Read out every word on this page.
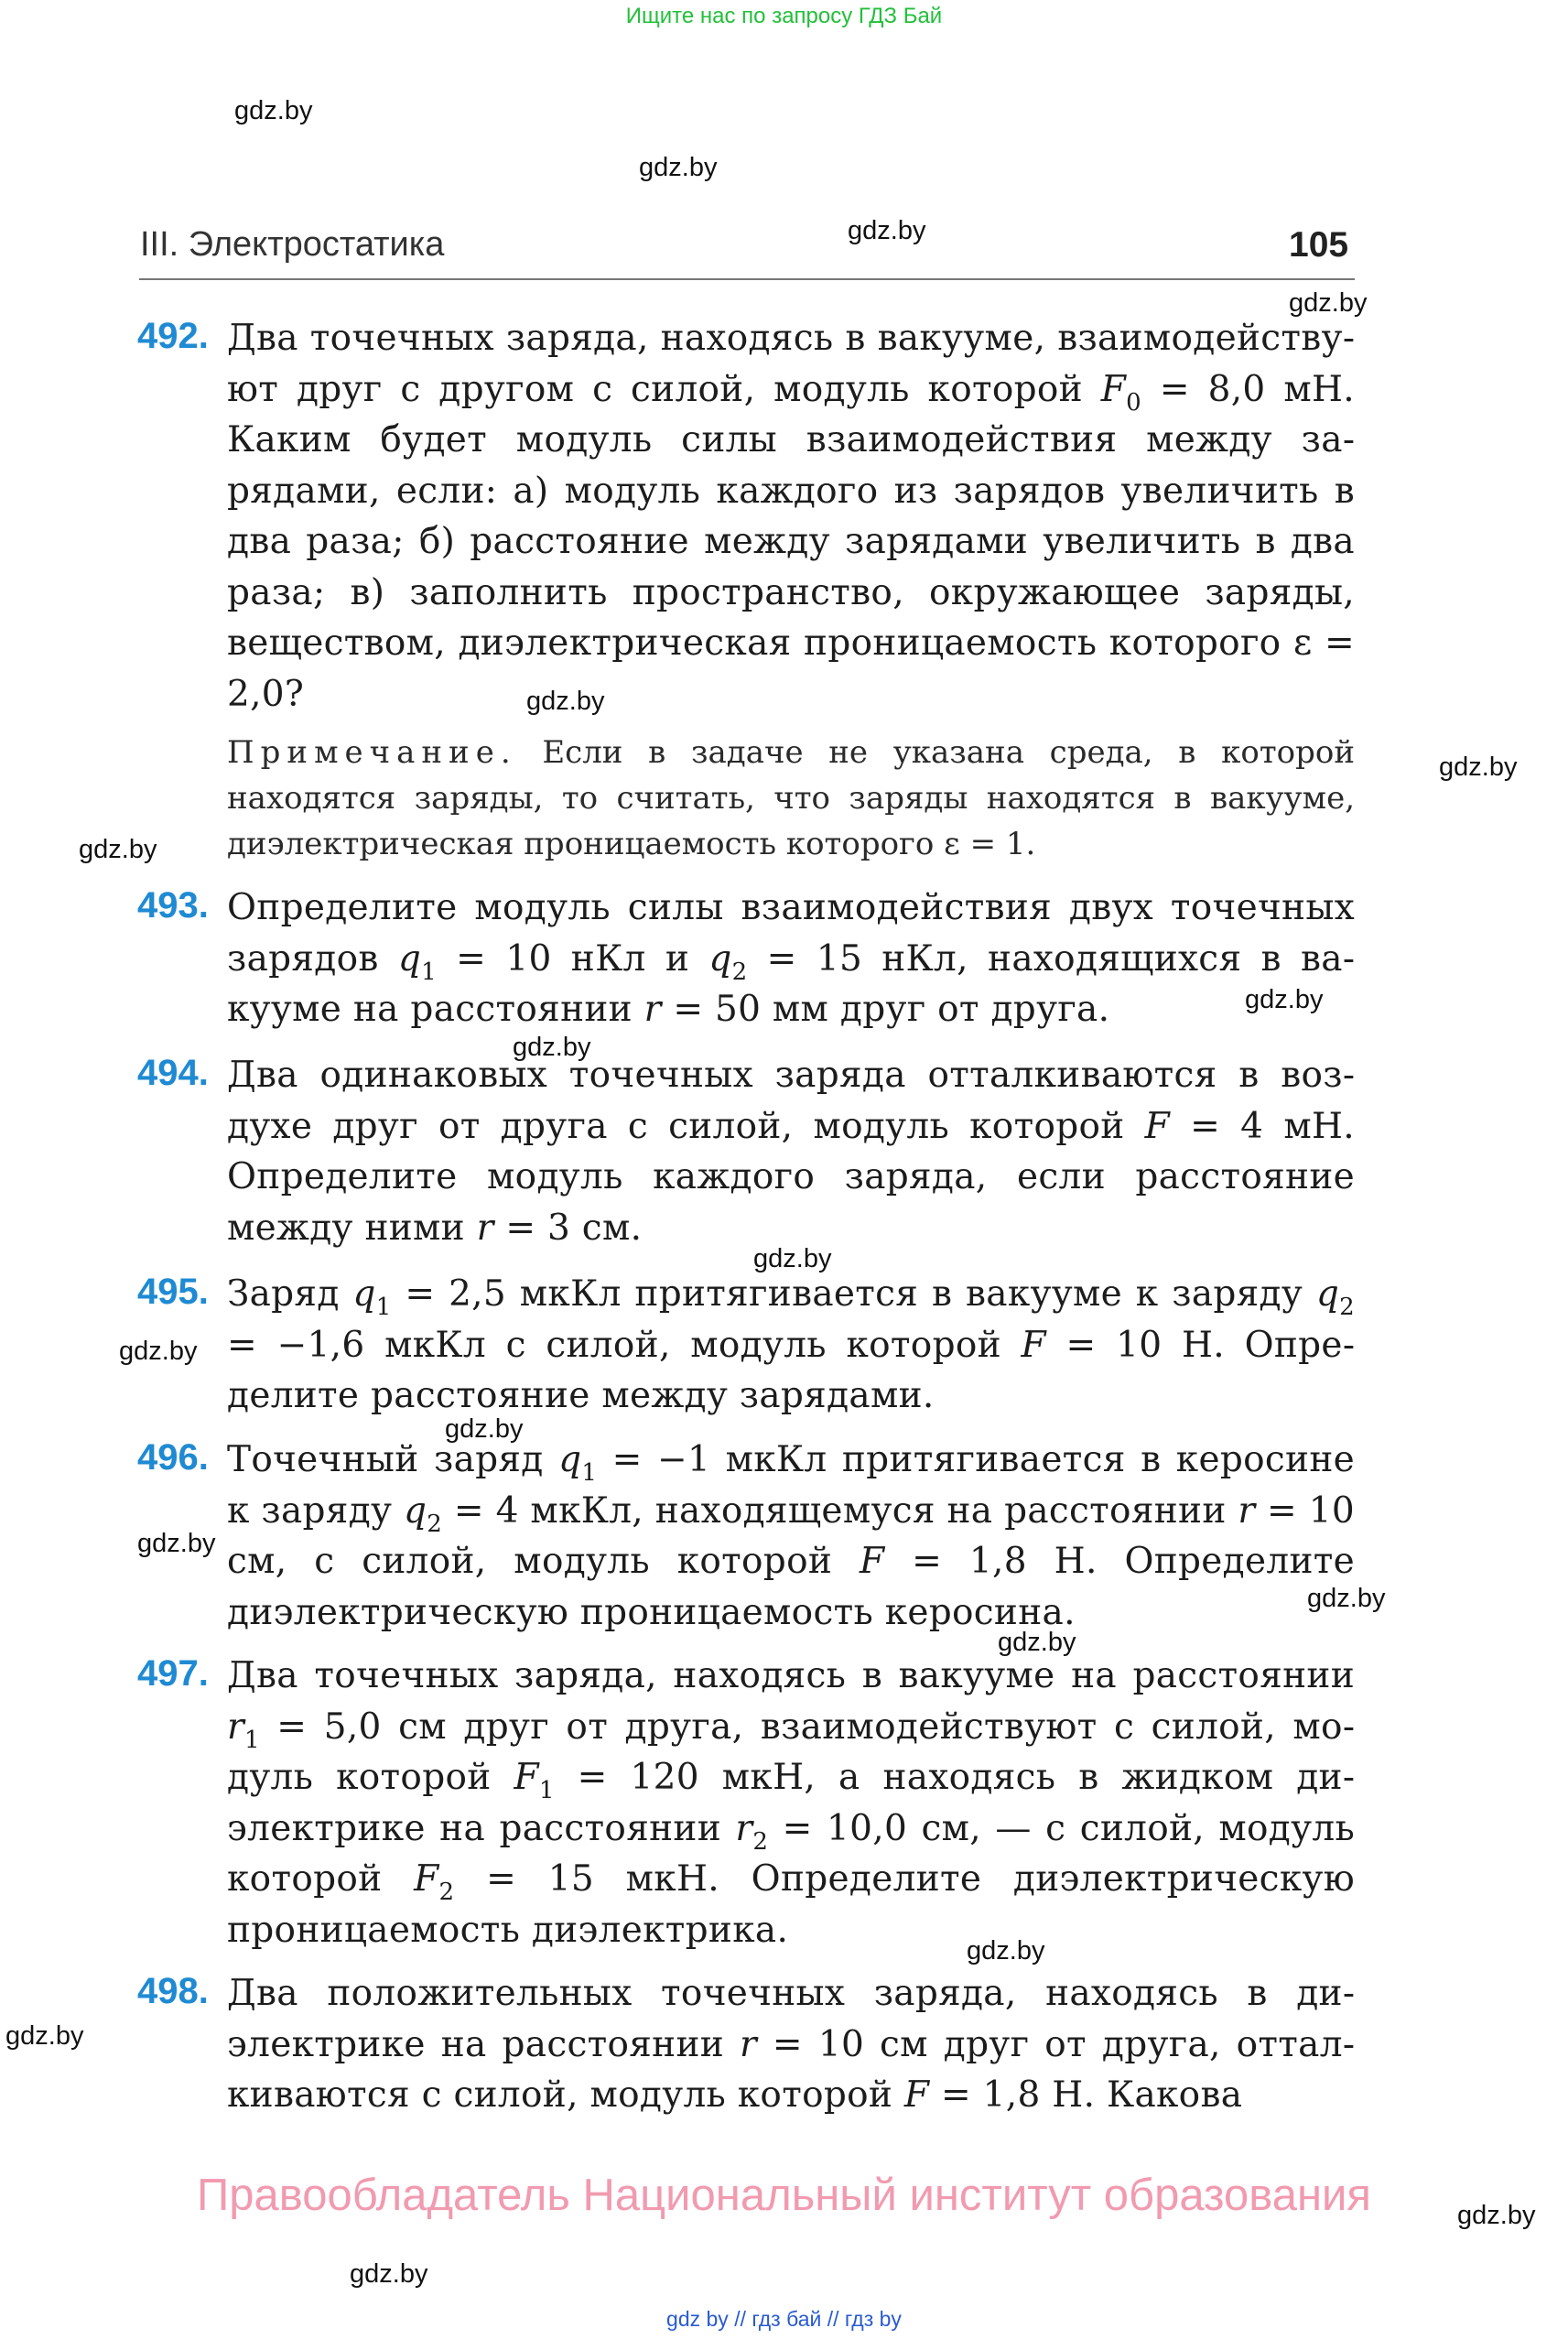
Ищите нас по запросу ГДЗ Бай
gdz.by
gdz.by
gdz.by
gdz.by
gdz.by
gdz.by
gdz.by
gdz.by
gdz.by
gdz.by
gdz.by
gdz.by
gdz.by
gdz.by
gdz.by
gdz.by
gdz.by
gdz.by
gdz.by
III. Электростатика	105
492. Два точечных заряда, находясь в вакууме, взаимодействуют друг с другом с силой, модуль которой $F_0 = 8,0$ мН. Каким будет модуль силы взаимодействия между зарядами, если: а) модуль каждого из зарядов увеличить в два раза; б) расстояние между зарядами увеличить в два раза; в) заполнить пространство, окружающее заряды, веществом, диэлектрическая проницаемость которого ε = 2,0?
Примечание. Если в задаче не указана среда, в которой находятся заряды, то считать, что заряды находятся в вакууме, диэлектрическая проницаемость которого ε = 1.
493. Определите модуль силы взаимодействия двух точечных зарядов $q_1 = 10$ нКл и $q_2 = 15$ нКл, находящихся в вакууме на расстоянии r = 50 мм друг от друга.
494. Два одинаковых точечных заряда отталкиваются в воздухе друг от друга с силой, модуль которой F = 4 мН. Определите модуль каждого заряда, если расстояние между ними r = 3 см.
495. Заряд $q_1 = 2,5$ мкКл притягивается в вакууме к заряду $q_2 = -1,6$ мкКл с силой, модуль которой F = 10 Н. Определите расстояние между зарядами.
496. Точечный заряд $q_1 = -1$ мкКл притягивается в керосине к заряду $q_2 = 4$ мкКл, находящемуся на расстоянии r = 10 см, с силой, модуль которой F = 1,8 Н. Определите диэлектрическую проницаемость керосина.
497. Два точечных заряда, находясь в вакууме на расстоянии $r_1 = 5,0$ см друг от друга, взаимодействуют с силой, модуль которой $F_1 = 120$ мкН, а находясь в жидком диэлектрике на расстоянии $r_2 = 10,0$ см, — с силой, модуль которой $F_2 = 15$ мкН. Определите диэлектрическую проницаемость диэлектрика.
498. Два положительных точечных заряда, находясь в диэлектрике на расстоянии r = 10 см друг от друга, отталкиваются с силой, модуль которой F = 1,8 Н. Какова
Правообладатель Национальный институт образования
gdz by // гдз бай // гдз by
